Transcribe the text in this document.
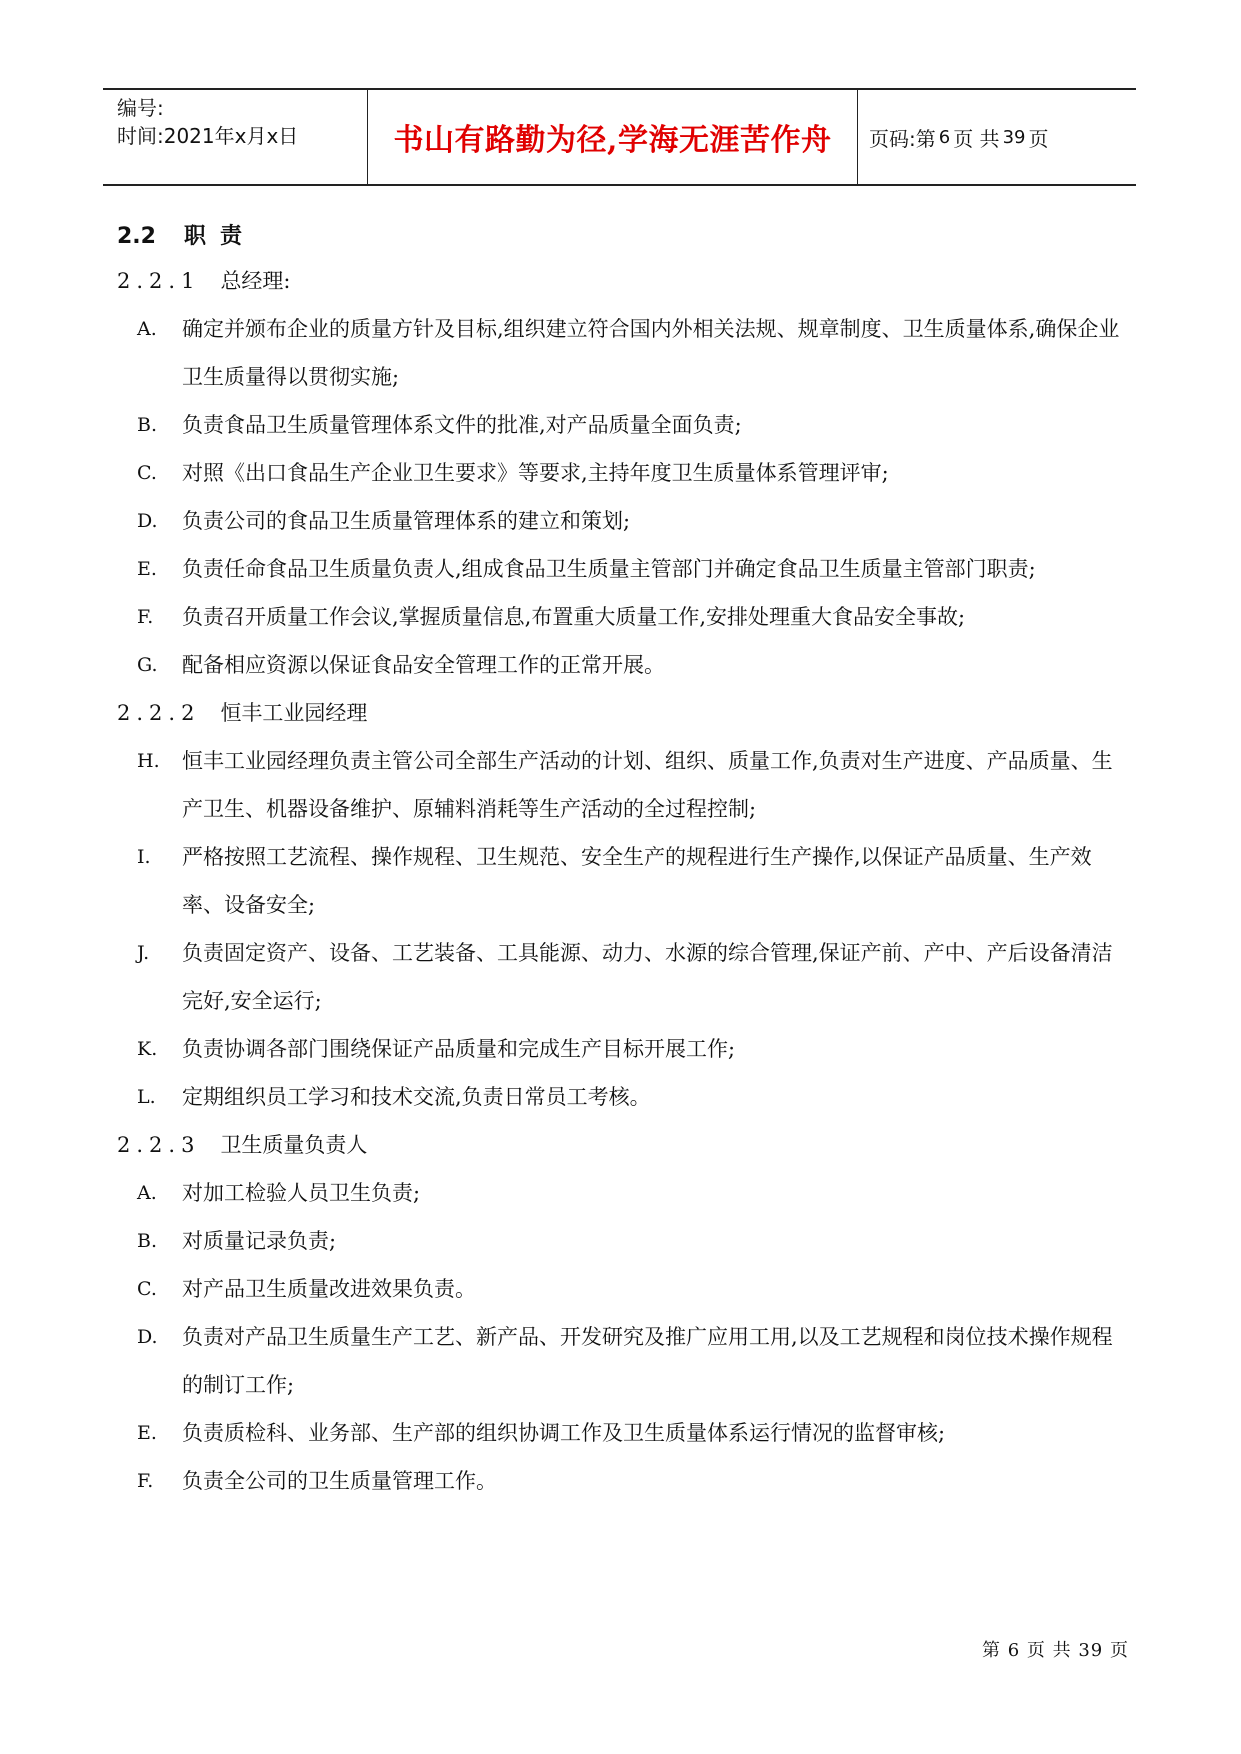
编号:
时间:2021年x月x日	书山有路勤为径,学海无涯苦作舟	页码:第 6 页 共 39 页
2.2 职责
2.2.1 总经理:
A. 确定并颁布企业的质量方针及目标,组织建立符合国内外相关法规、规章制度、卫生质量体系,确保企业卫生质量得以贯彻实施;
B. 负责食品卫生质量管理体系文件的批准,对产品质量全面负责;
C. 对照《出口食品生产企业卫生要求》等要求,主持年度卫生质量体系管理评审;
D. 负责公司的食品卫生质量管理体系的建立和策划;
E. 负责任命食品卫生质量负责人,组成食品卫生质量主管部门并确定食品卫生质量主管部门职责;
F. 负责召开质量工作会议,掌握质量信息,布置重大质量工作,安排处理重大食品安全事故;
G. 配备相应资源以保证食品安全管理工作的正常开展。
2.2.2 恒丰工业园经理
H. 恒丰工业园经理负责主管公司全部生产活动的计划、组织、质量工作,负责对生产进度、产品质量、生产卫生、机器设备维护、原辅料消耗等生产活动的全过程控制;
I. 严格按照工艺流程、操作规程、卫生规范、安全生产的规程进行生产操作,以保证产品质量、生产效率、设备安全;
J. 负责固定资产、设备、工艺装备、工具能源、动力、水源的综合管理,保证产前、产中、产后设备清洁完好,安全运行;
K. 负责协调各部门围绕保证产品质量和完成生产目标开展工作;
L. 定期组织员工学习和技术交流,负责日常员工考核。
2.2.3 卫生质量负责人
A. 对加工检验人员卫生负责;
B. 对质量记录负责;
C. 对产品卫生质量改进效果负责。
D. 负责对产品卫生质量生产工艺、新产品、开发研究及推广应用工用,以及工艺规程和岗位技术操作规程的制订工作;
E. 负责质检科、业务部、生产部的组织协调工作及卫生质量体系运行情况的监督审核;
F. 负责全公司的卫生质量管理工作。
第 6 页 共 39 页
